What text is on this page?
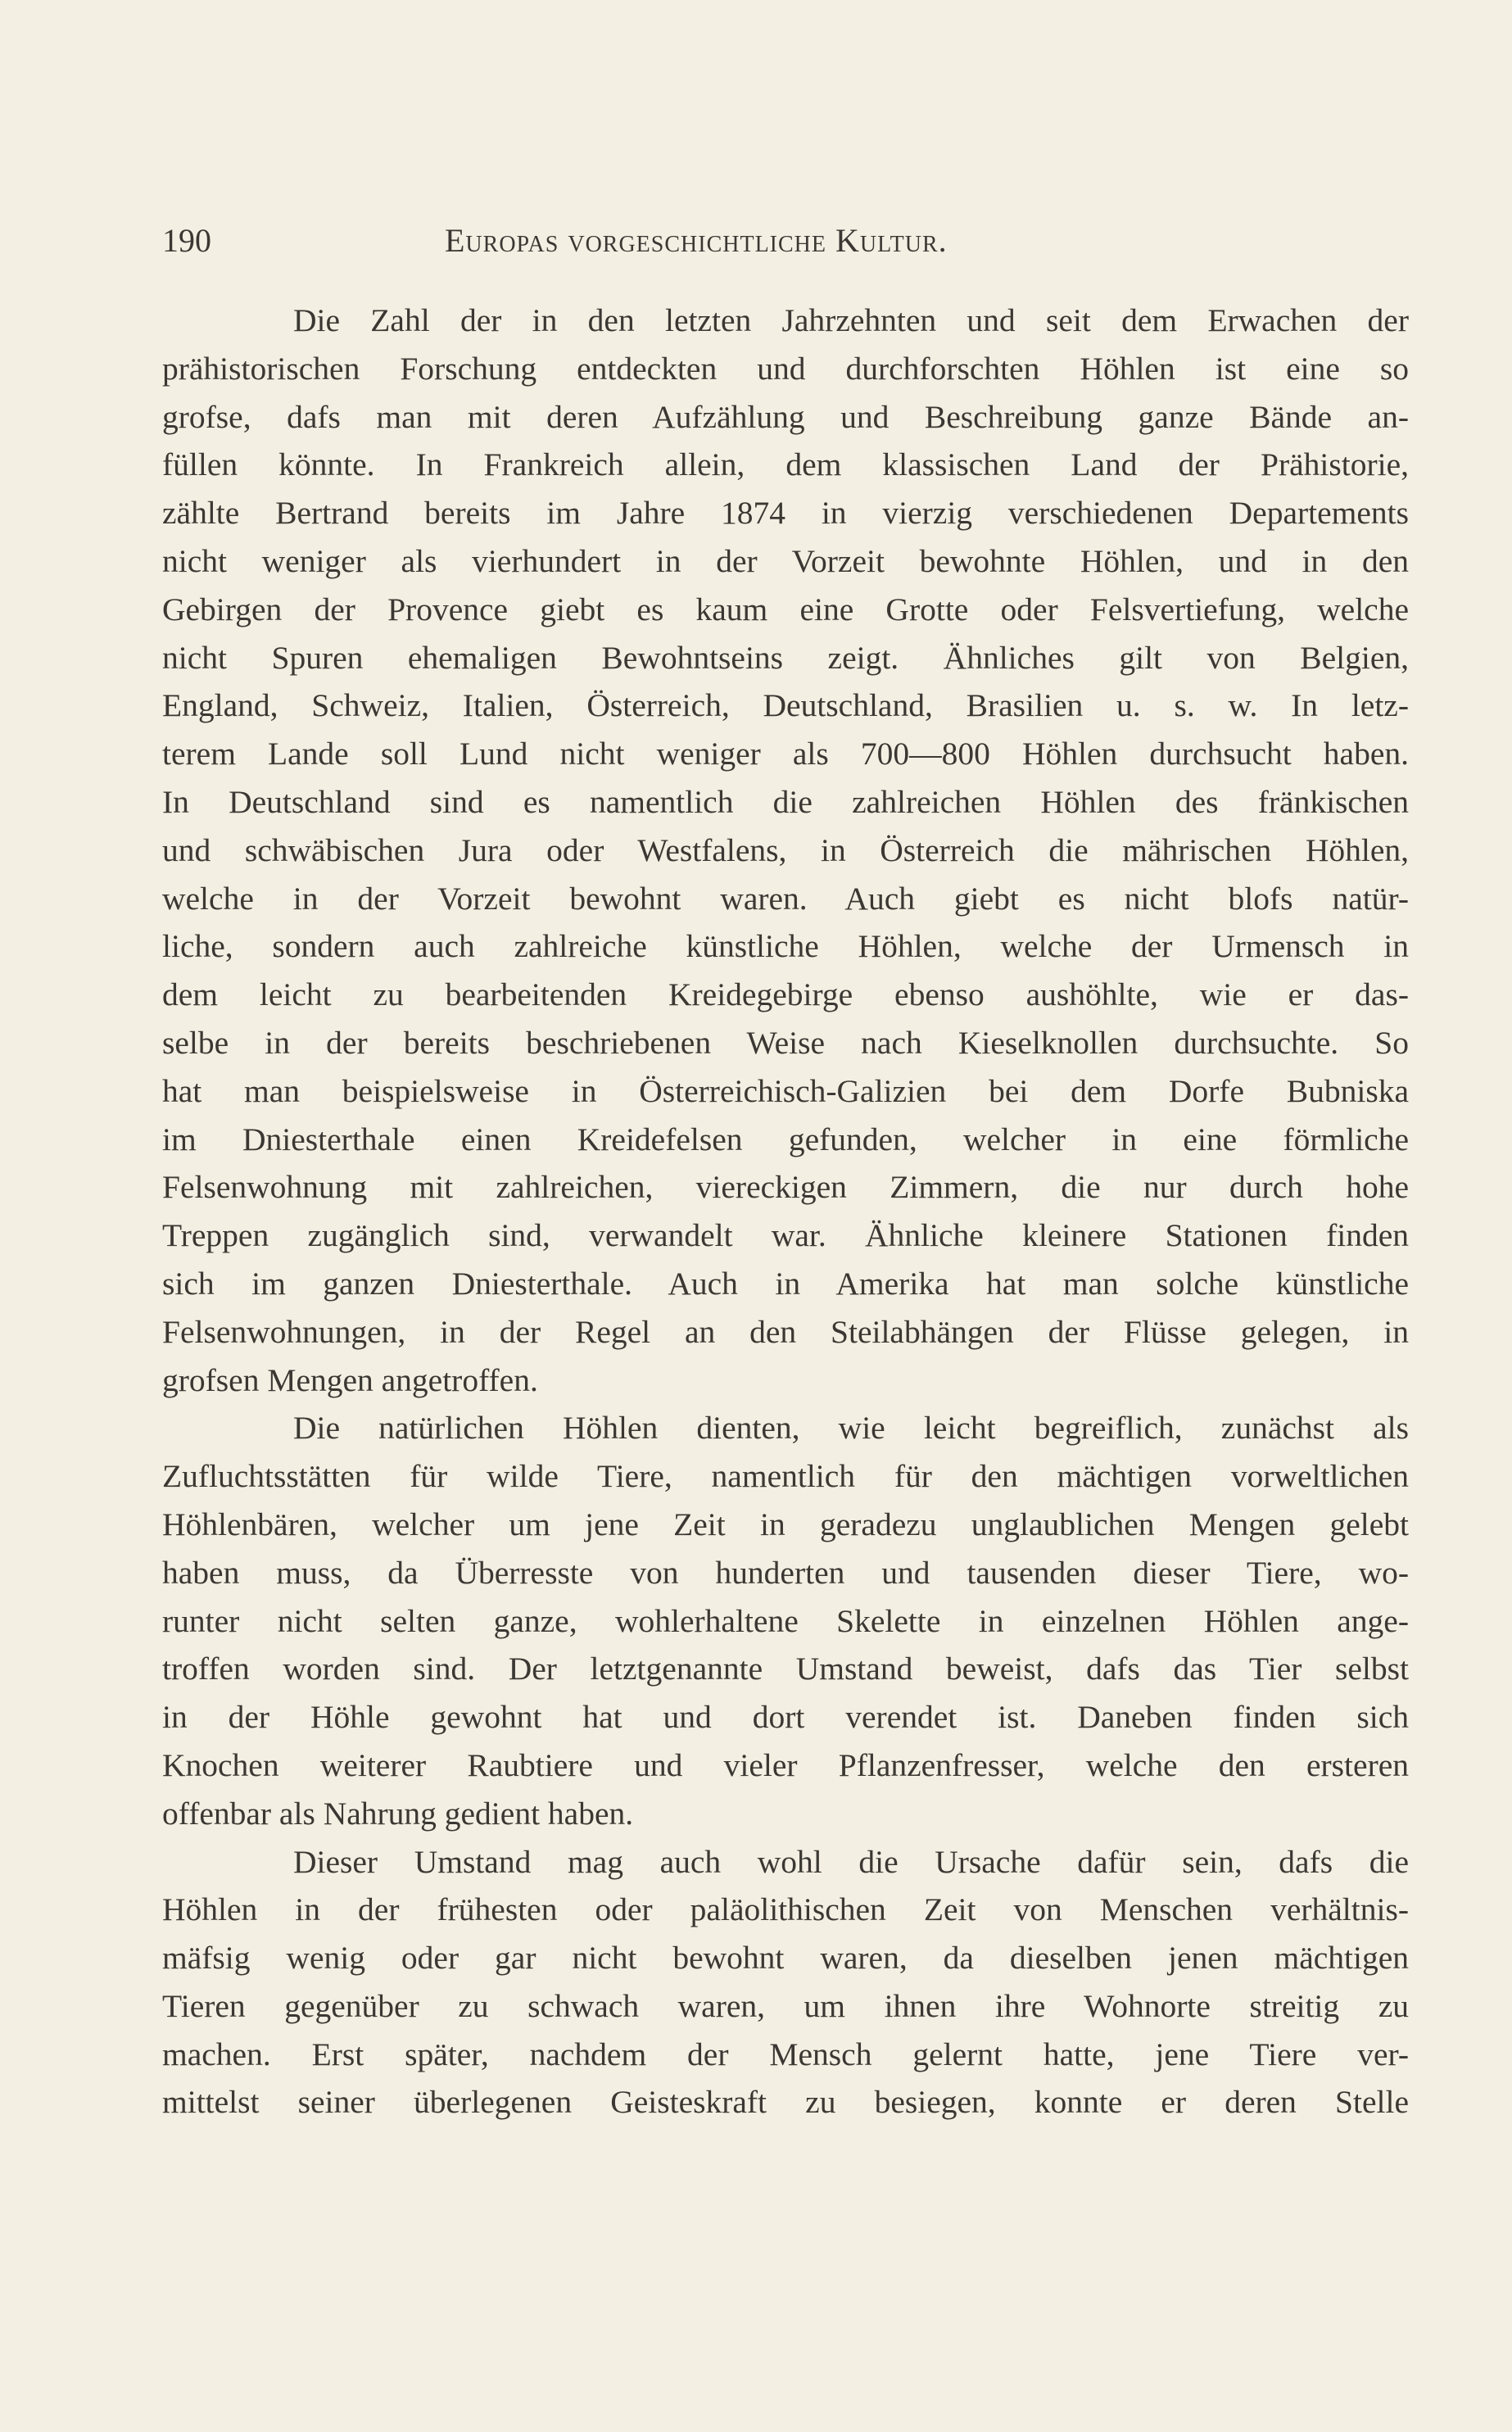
190	Europas vorgeschichtliche Kultur.
Die Zahl der in den letzten Jahrzehnten und seit dem Erwachen der
prähistorischen Forschung entdeckten und durchforschten Höhlen ist eine so
grofse, dafs man mit deren Aufzählung und Beschreibung ganze Bände an-
füllen könnte. In Frankreich allein, dem klassischen Land der Prähistorie,
zählte Bertrand bereits im Jahre 1874 in vierzig verschiedenen Departements
nicht weniger als vierhundert in der Vorzeit bewohnte Höhlen, und in den
Gebirgen der Provence giebt es kaum eine Grotte oder Felsvertiefung, welche
nicht Spuren ehemaligen Bewohntseins zeigt. Ähnliches gilt von Belgien,
England, Schweiz, Italien, Österreich, Deutschland, Brasilien u. s. w. In letz-
terem Lande soll Lund nicht weniger als 700—800 Höhlen durchsucht haben.
In Deutschland sind es namentlich die zahlreichen Höhlen des fränkischen
und schwäbischen Jura oder Westfalens, in Österreich die mährischen Höhlen,
welche in der Vorzeit bewohnt waren. Auch giebt es nicht blofs natür-
liche, sondern auch zahlreiche künstliche Höhlen, welche der Urmensch in
dem leicht zu bearbeitenden Kreidegebirge ebenso aushöhlte, wie er das-
selbe in der bereits beschriebenen Weise nach Kieselknollen durchsuchte. So
hat man beispielsweise in Österreichisch-Galizien bei dem Dorfe Bubniska
im Dniesterthale einen Kreidefelsen gefunden, welcher in eine förmliche
Felsenwohnung mit zahlreichen, viereckigen Zimmern, die nur durch hohe
Treppen zugänglich sind, verwandelt war. Ähnliche kleinere Stationen finden
sich im ganzen Dniesterthale. Auch in Amerika hat man solche künstliche
Felsenwohnungen, in der Regel an den Steilabhängen der Flüsse gelegen, in
grofsen Mengen angetroffen.
Die natürlichen Höhlen dienten, wie leicht begreiflich, zunächst als
Zufluchtsstätten für wilde Tiere, namentlich für den mächtigen vorweltlichen
Höhlenbären, welcher um jene Zeit in geradezu unglaublichen Mengen gelebt
haben muss, da Überresste von hunderten und tausenden dieser Tiere, wo-
runter nicht selten ganze, wohlerhaltene Skelette in einzelnen Höhlen ange-
troffen worden sind. Der letztgenannte Umstand beweist, dafs das Tier selbst
in der Höhle gewohnt hat und dort verendet ist. Daneben finden sich
Knochen weiterer Raubtiere und vieler Pflanzenfresser, welche den ersteren
offenbar als Nahrung gedient haben.
Dieser Umstand mag auch wohl die Ursache dafür sein, dafs die
Höhlen in der frühesten oder paläolithischen Zeit von Menschen verhältnis-
mäfsig wenig oder gar nicht bewohnt waren, da dieselben jenen mächtigen
Tieren gegenüber zu schwach waren, um ihnen ihre Wohnorte streitig zu
machen. Erst später, nachdem der Mensch gelernt hatte, jene Tiere ver-
mittelst seiner überlegenen Geisteskraft zu besiegen, konnte er deren Stelle
